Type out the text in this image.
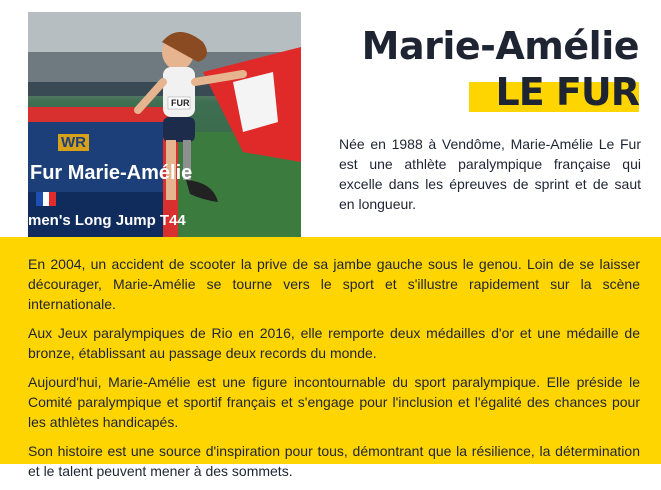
WR
Fur Marie-Amélie
men's Long Jump T44
FUR
Marie-Amélie
LE FUR
Née en 1988 à Vendôme, Marie-Amélie Le Fur est une athlète paralympique française qui excelle dans les épreuves de sprint et de saut en longueur.

En 2004, un accident de scooter la prive de sa jambe gauche sous le genou. Loin de se laisser décourager, Marie-Amélie se tourne vers le sport et s'illustre rapidement sur la scène internationale.

Aux Jeux paralympiques de Rio en 2016, elle remporte deux médailles d'or et une médaille de bronze, établissant au passage deux records du monde.

Aujourd'hui, Marie-Amélie est une figure incontournable du sport paralympique. Elle préside le Comité paralympique et sportif français et s'engage pour l'inclusion et l'égalité des chances pour les athlètes handicapés.

Son histoire est une source d'inspiration pour tous, démontrant que la résilience, la détermination et le talent peuvent mener à des sommets.
